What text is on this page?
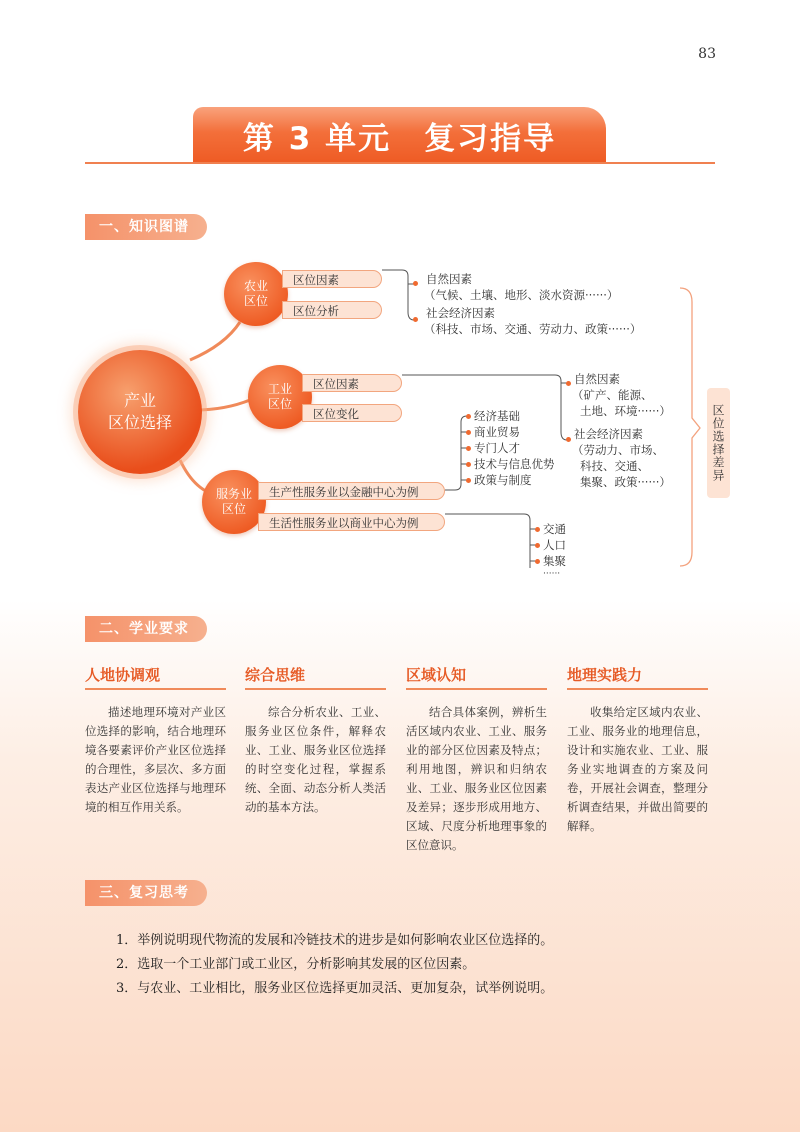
83
第 3 单元　复习指导
一、知识图谱
产业
区位选择
农业
区位
区位因素
区位分析
自然因素
（气候、土壤、地形、淡水资源······）
社会经济因素
（科技、市场、交通、劳动力、政策······）
工业
区位
区位因素
区位变化
自然因素
（矿产、能源、
土地、环境······）
社会经济因素
（劳动力、市场、
科技、交通、
集聚、政策······）
服务业
区位
生产性服务业以金融中心为例
生活性服务业以商业中心为例
经济基础
商业贸易
专门人才
技术与信息优势
政策与制度
交通
人口
集聚
······
区位选择差异
二、学业要求
人地协调观
描述地理环境对产业区位选择的影响，结合地理环境各要素评价产业区位选择的合理性，多层次、多方面表达产业区位选择与地理环境的相互作用关系。
综合思维
综合分析农业、工业、服务业区位条件，解释农业、工业、服务业区位选择的时空变化过程，掌握系统、全面、动态分析人类活动的基本方法。
区域认知
结合具体案例，辨析生活区域内农业、工业、服务业的部分区位因素及特点；利用地图，辨识和归纳农业、工业、服务业区位因素及差异；逐步形成用地方、区域、尺度分析地理事象的区位意识。
地理实践力
收集给定区域内农业、工业、服务业的地理信息，设计和实施农业、工业、服务业实地调查的方案及问卷，开展社会调查，整理分析调查结果，并做出简要的解释。
三、复习思考
1．举例说明现代物流的发展和冷链技术的进步是如何影响农业区位选择的。
2．选取一个工业部门或工业区，分析影响其发展的区位因素。
3．与农业、工业相比，服务业区位选择更加灵活、更加复杂，试举例说明。
